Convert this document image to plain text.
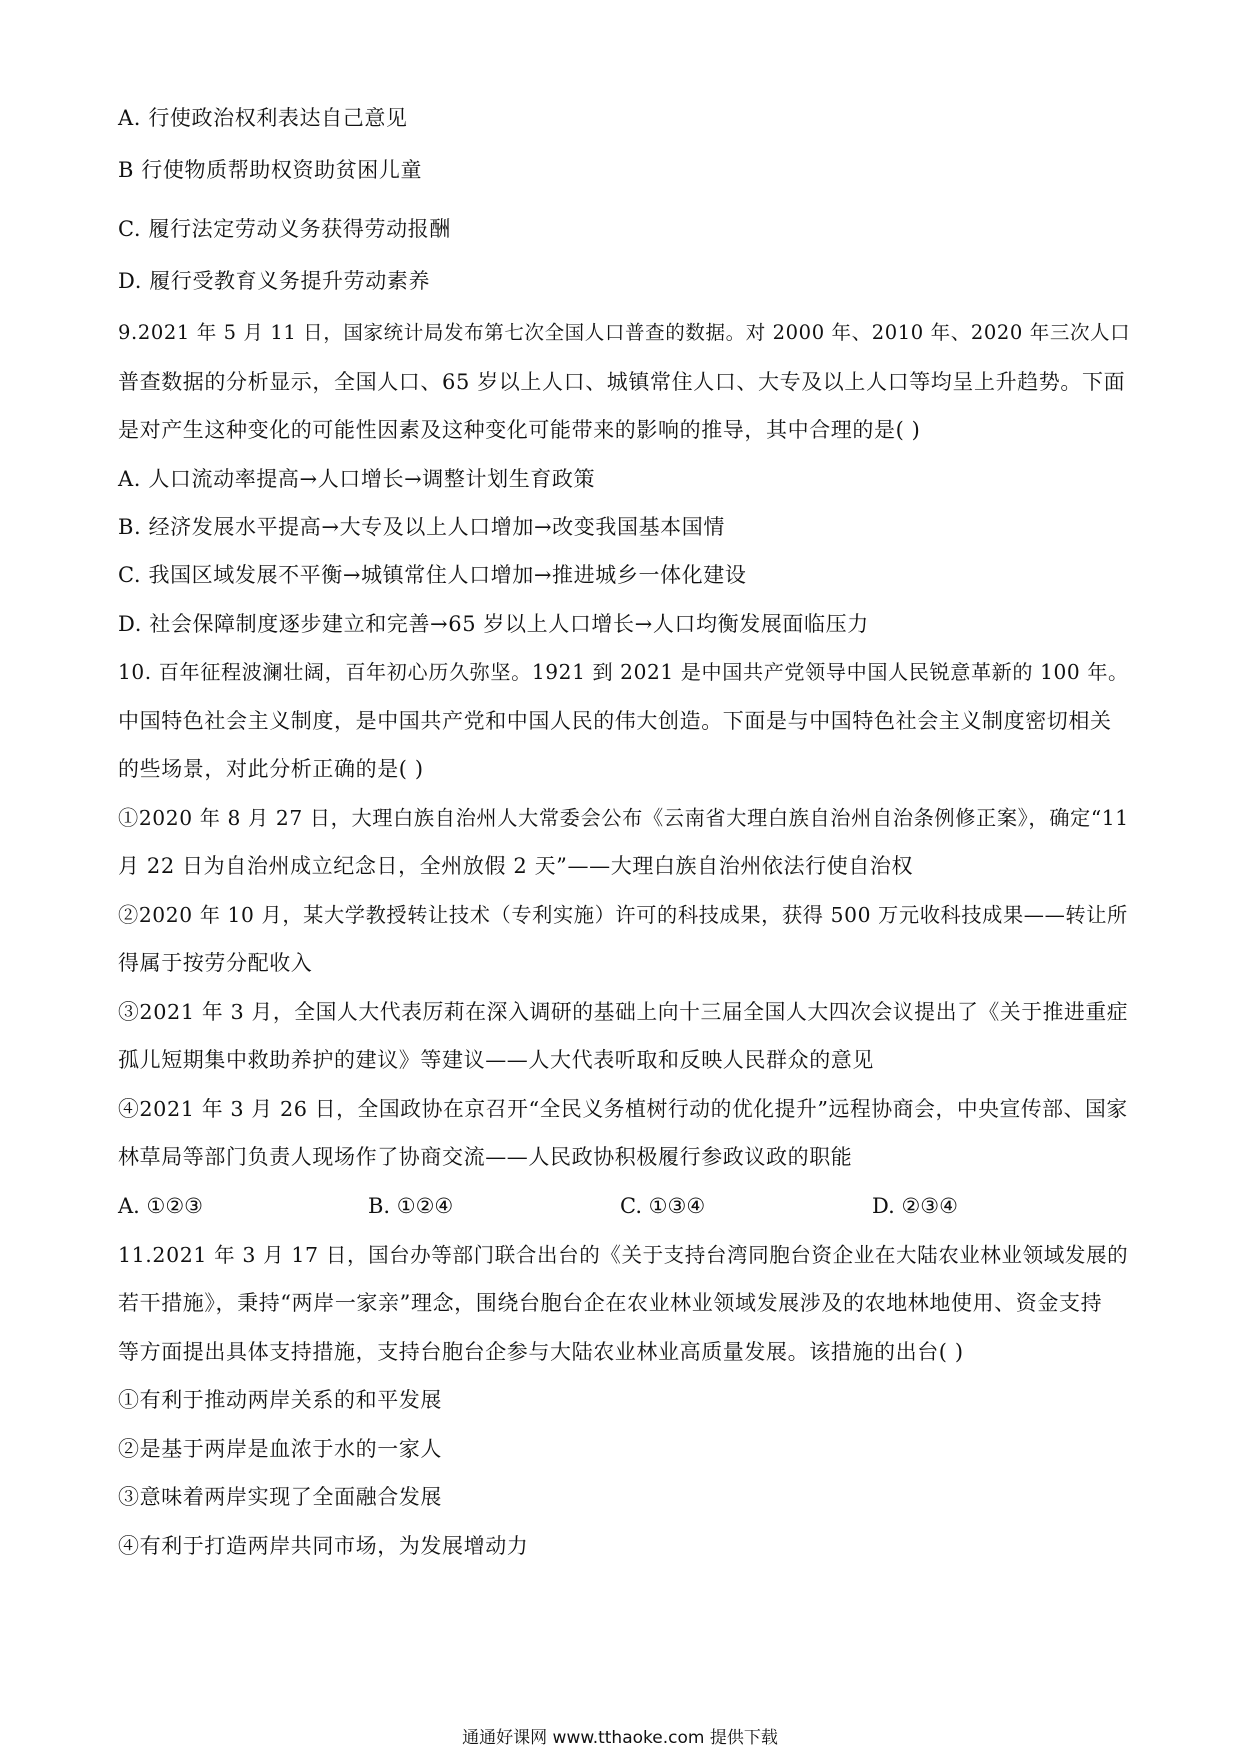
A. 行使政治权利表达自己意见
B 行使物质帮助权资助贫困儿童
C. 履行法定劳动义务获得劳动报酬
D. 履行受教育义务提升劳动素养
9.2021 年 5 月 11 日，国家统计局发布第七次全国人口普查的数据。对 2000 年、2010 年、2020 年三次人口
普查数据的分析显示，全国人口、65 岁以上人口、城镇常住人口、大专及以上人口等均呈上升趋势。下面
是对产生这种变化的可能性因素及这种变化可能带来的影响的推导，其中合理的是( )
A. 人口流动率提高→人口增长→调整计划生育政策
B. 经济发展水平提高→大专及以上人口增加→改变我国基本国情
C. 我国区域发展不平衡→城镇常住人口增加→推进城乡一体化建设
D. 社会保障制度逐步建立和完善→65 岁以上人口增长→人口均衡发展面临压力
10. 百年征程波澜壮阔，百年初心历久弥坚。1921 到 2021 是中国共产党领导中国人民锐意革新的 100 年。
中国特色社会主义制度，是中国共产党和中国人民的伟大创造。下面是与中国特色社会主义制度密切相关
的些场景，对此分析正确的是( )
①2020 年 8 月 27 日，大理白族自治州人大常委会公布《云南省大理白族自治州自治条例修正案》，确定“11
月 22 日为自治州成立纪念日，全州放假 2 天”——大理白族自治州依法行使自治权
②2020 年 10 月，某大学教授转让技术（专利实施）许可的科技成果，获得 500 万元收科技成果——转让所
得属于按劳分配收入
③2021 年 3 月，全国人大代表厉莉在深入调研的基础上向十三届全国人大四次会议提出了《关于推进重症
孤儿短期集中救助养护的建议》等建议——人大代表听取和反映人民群众的意见
④2021 年 3 月 26 日，全国政协在京召开“全民义务植树行动的优化提升”远程协商会，中央宣传部、国家
林草局等部门负责人现场作了协商交流——人民政协积极履行参政议政的职能
A. ①②③	B. ①②④	C. ①③④	D. ②③④
11.2021 年 3 月 17 日，国台办等部门联合出台的《关于支持台湾同胞台资企业在大陆农业林业领域发展的
若干措施》，秉持“两岸一家亲”理念，围绕台胞台企在农业林业领域发展涉及的农地林地使用、资金支持
等方面提出具体支持措施，支持台胞台企参与大陆农业林业高质量发展。该措施的出台( )
①有利于推动两岸关系的和平发展
②是基于两岸是血浓于水的一家人
③意味着两岸实现了全面融合发展
④有利于打造两岸共同市场，为发展增动力
通通好课网 www.tthaoke.com 提供下载
